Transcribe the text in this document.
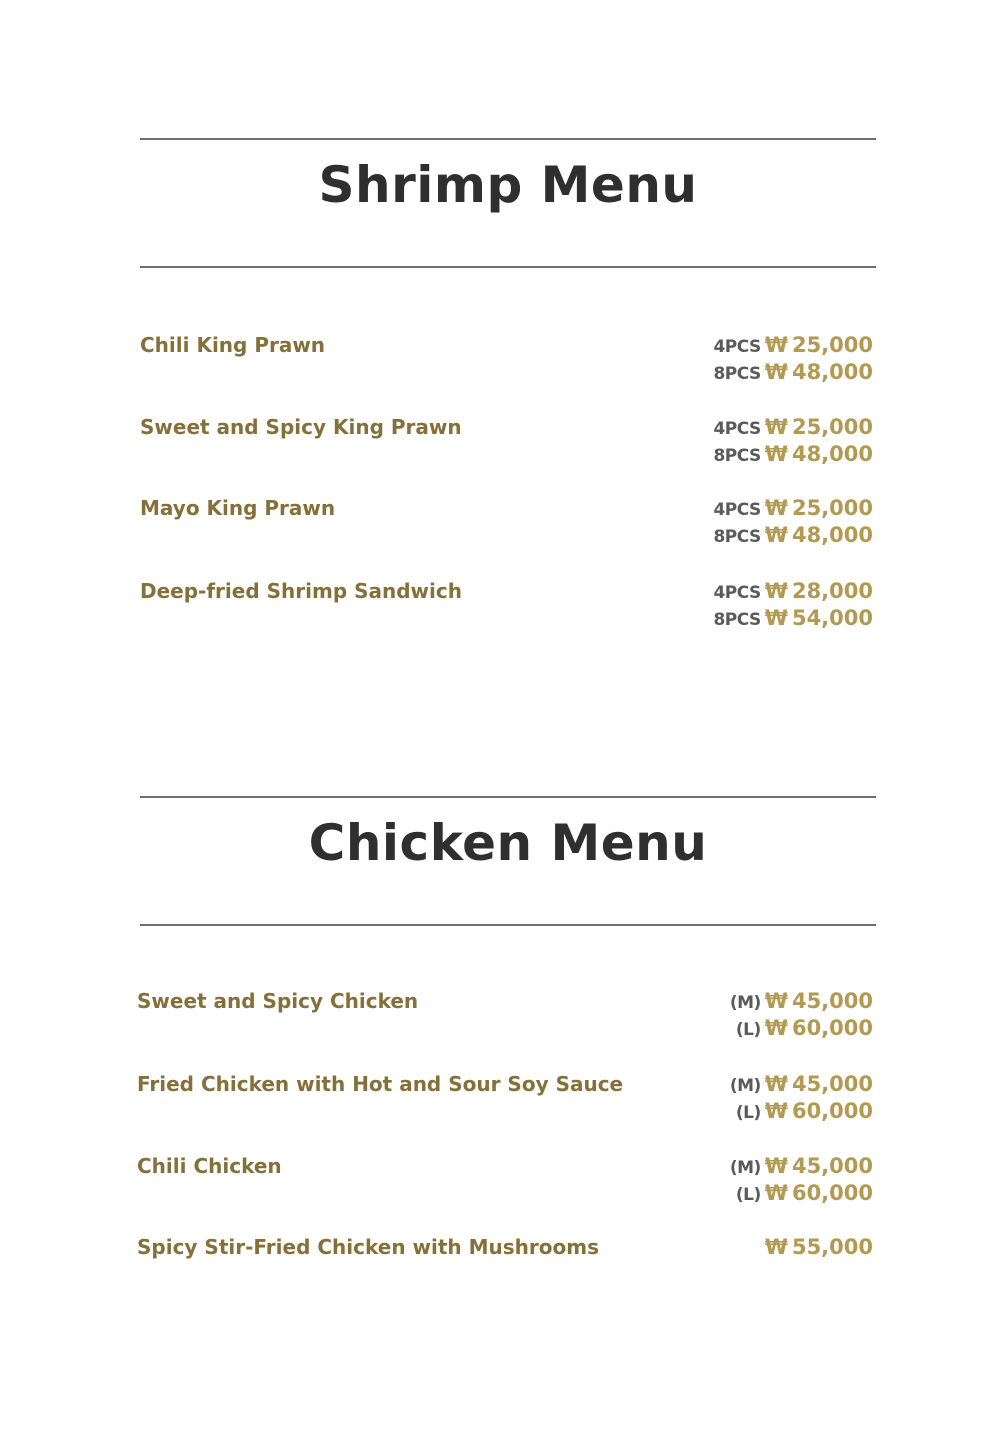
Shrimp Menu
Chili King Prawn	4PCS ₩ 25,000
8PCS ₩ 48,000
Sweet and Spicy King Prawn	4PCS ₩ 25,000
8PCS ₩ 48,000
Mayo King Prawn	4PCS ₩ 25,000
8PCS ₩ 48,000
Deep-fried Shrimp Sandwich	4PCS ₩ 28,000
8PCS ₩ 54,000
Chicken Menu
Sweet and Spicy Chicken	(M) ₩ 45,000
(L) ₩ 60,000
Fried Chicken with Hot and Sour Soy Sauce	(M) ₩ 45,000
(L) ₩ 60,000
Chili Chicken	(M) ₩ 45,000
(L) ₩ 60,000
Spicy Stir-Fried Chicken with Mushrooms	₩ 55,000
